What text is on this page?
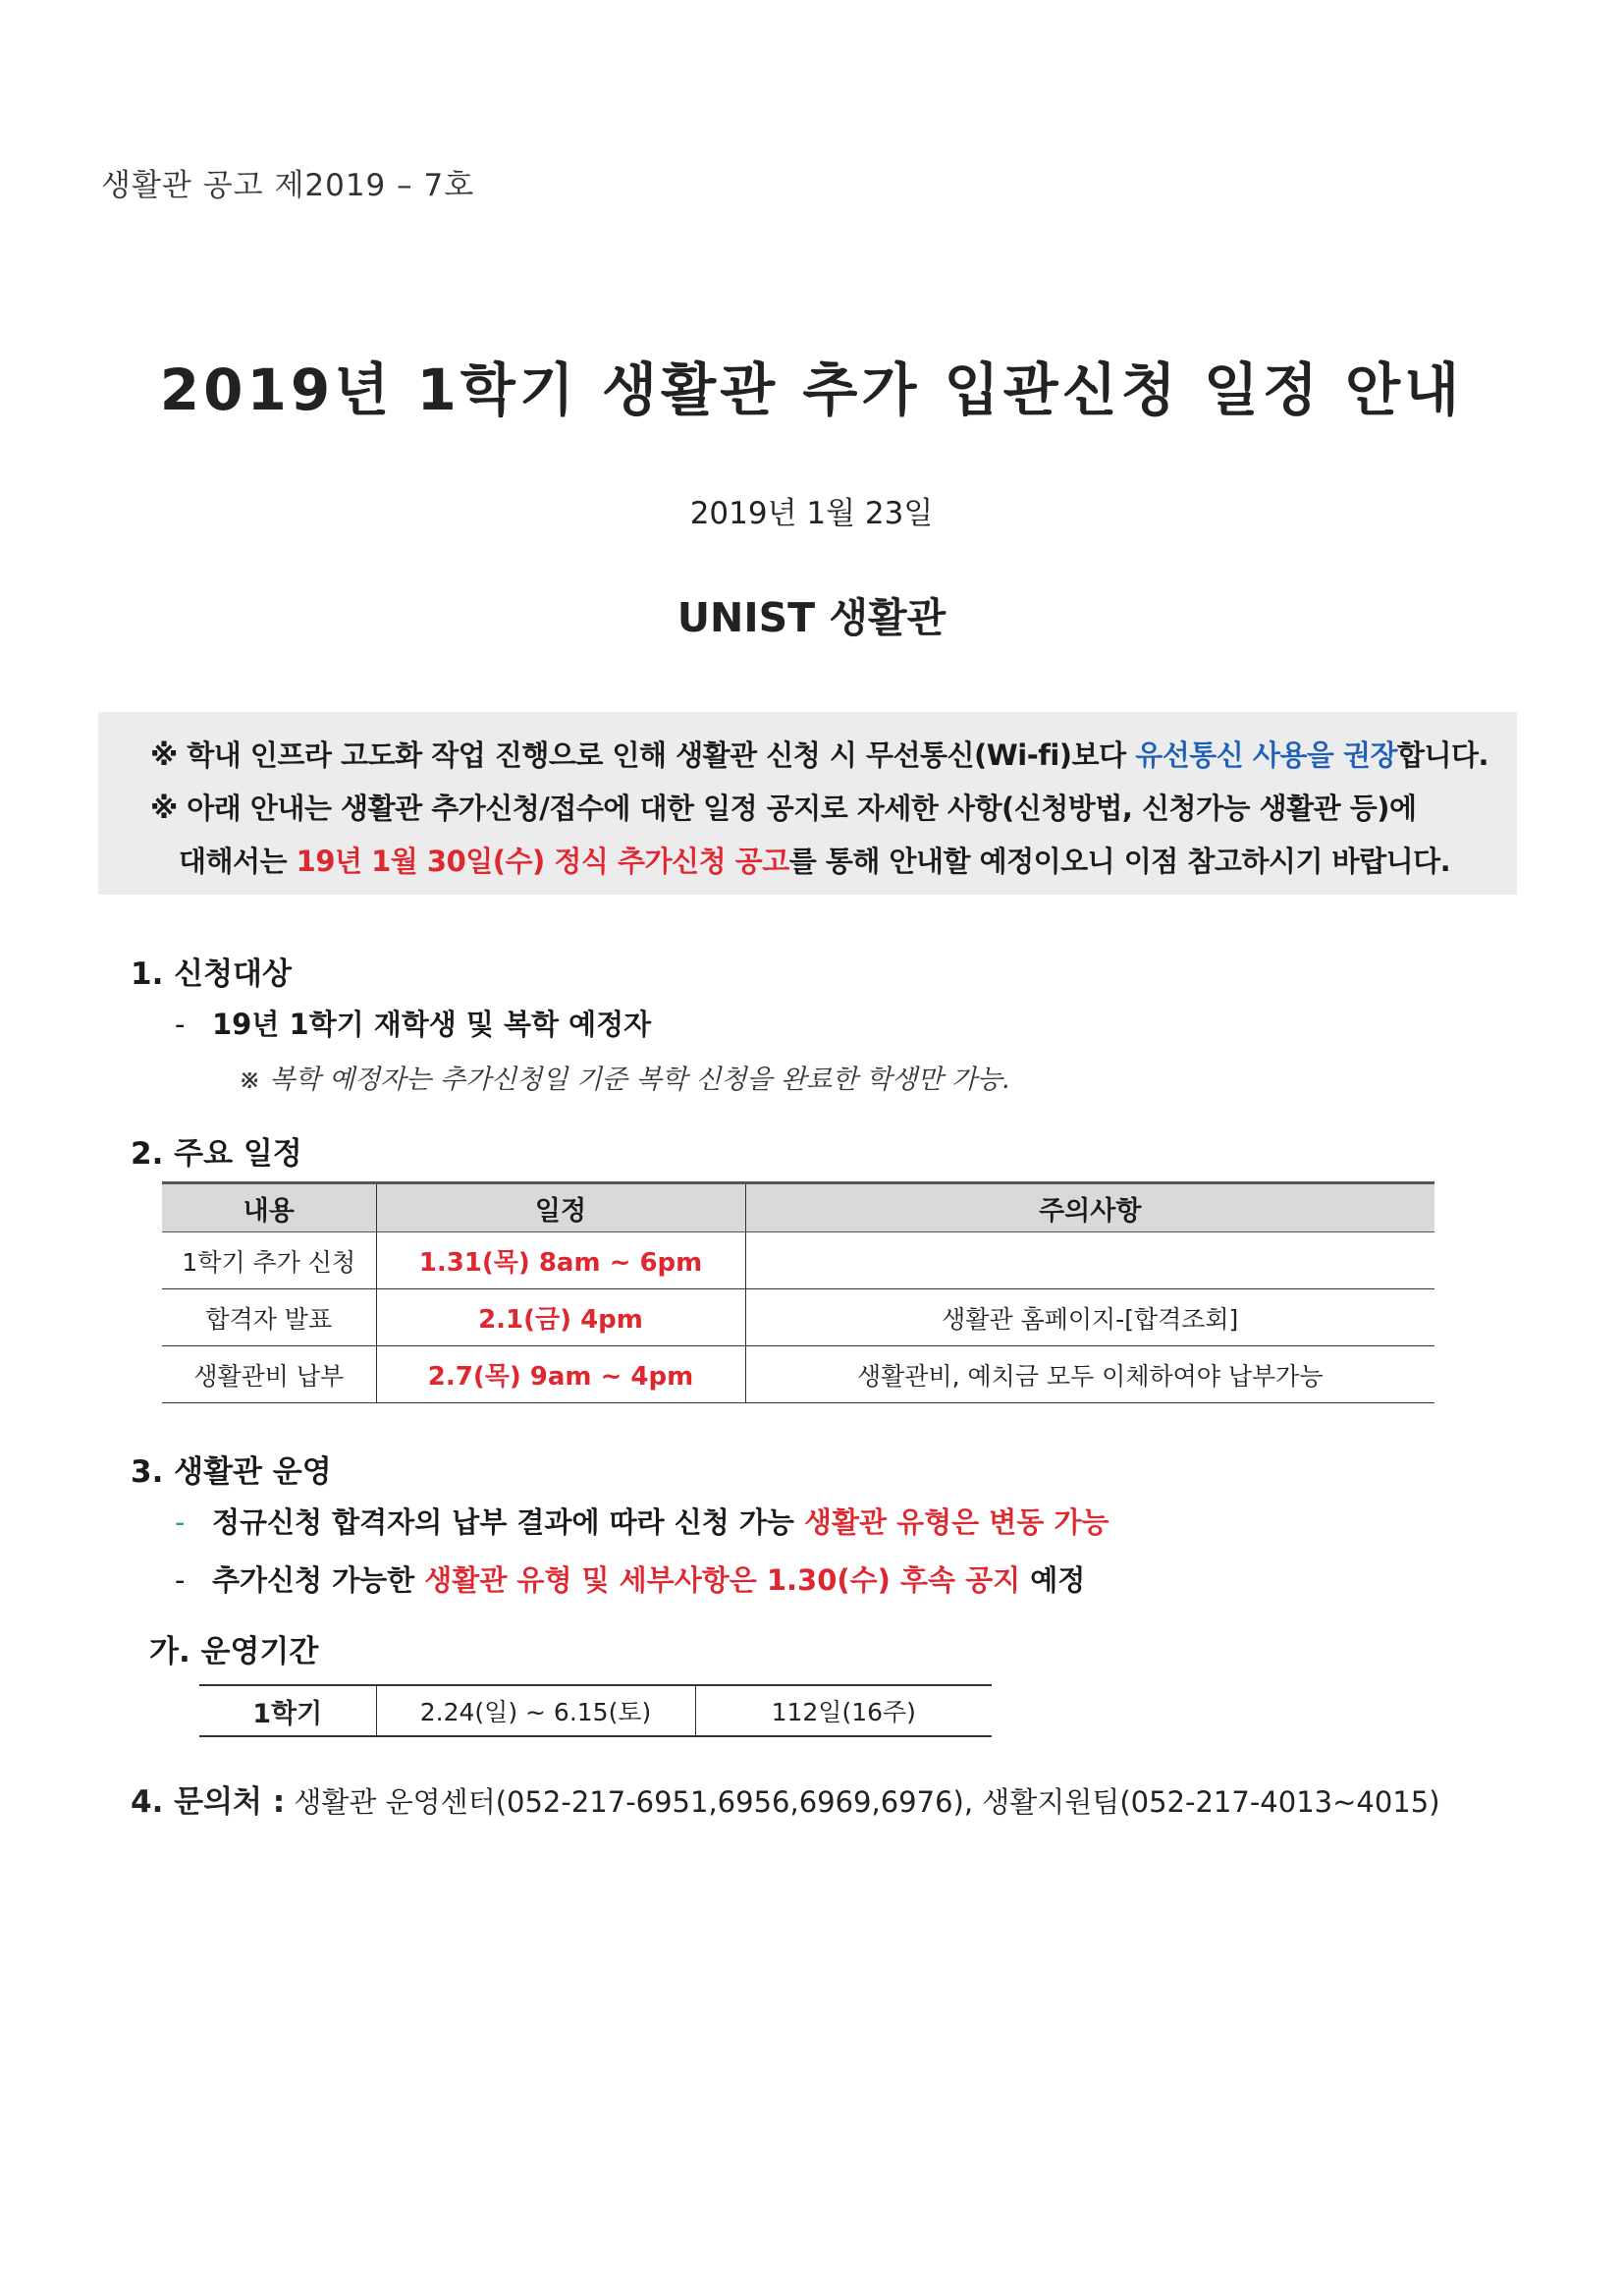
생활관 공고 제2019 – 7호
2019년 1학기 생활관 추가 입관신청 일정 안내
2019년 1월 23일
UNIST 생활관
※ 학내 인프라 고도화 작업 진행으로 인해 생활관 신청 시 무선통신(Wi-fi)보다 유선통신 사용을 권장합니다.
※ 아래 안내는 생활관 추가신청/접수에 대한 일정 공지로 자세한 사항(신청방법, 신청가능 생활관 등)에
대해서는 19년 1월 30일(수) 정식 추가신청 공고를 통해 안내할 예정이오니 이점 참고하시기 바랍니다.
1. 신청대상
- 19년 1학기 재학생 및 복학 예정자
※ 복학 예정자는 추가신청일 기준 복학 신청을 완료한 학생만 가능.
2. 주요 일정
내용	일정	주의사항
1학기 추가 신청	1.31(목) 8am ~ 6pm	
합격자 발표	2.1(금) 4pm	생활관 홈페이지-[합격조회]
생활관비 납부	2.7(목) 9am ~ 4pm	생활관비, 예치금 모두 이체하여야 납부가능
3. 생활관 운영
- 정규신청 합격자의 납부 결과에 따라 신청 가능 생활관 유형은 변동 가능
- 추가신청 가능한 생활관 유형 및 세부사항은 1.30(수) 후속 공지 예정
가. 운영기간
1학기	2.24(일) ~ 6.15(토)	112일(16주)
4. 문의처 : 생활관 운영센터(052-217-6951,6956,6969,6976), 생활지원팀(052-217-4013~4015)
